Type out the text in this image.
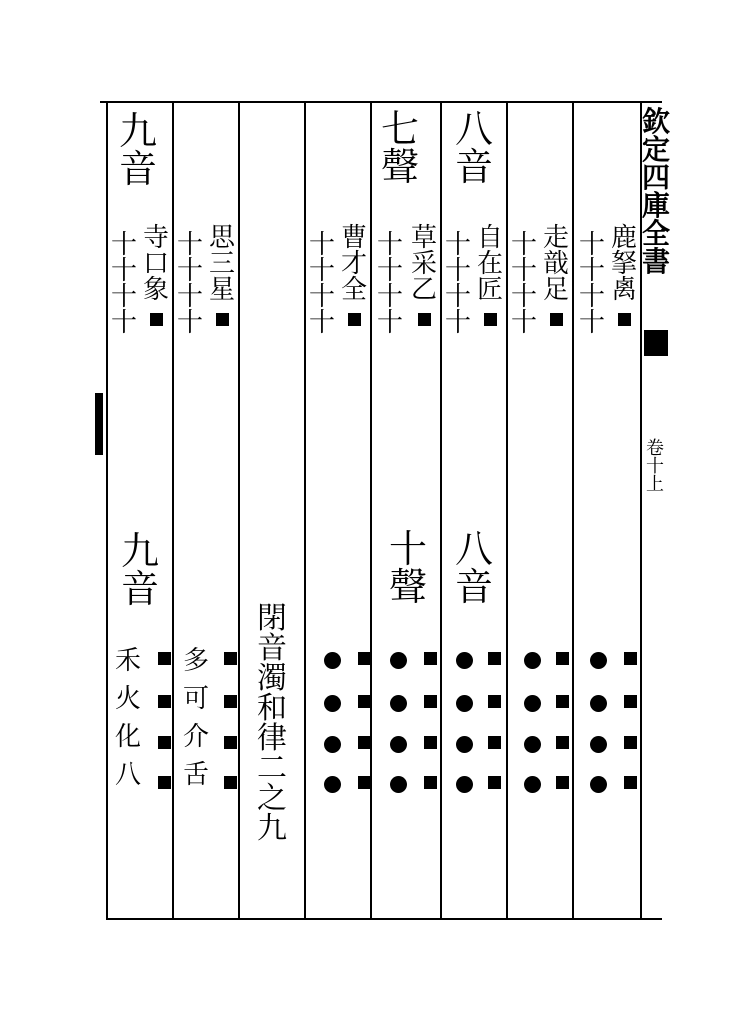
欽
定
四
庫
全
書
卷
十
上
鹿
拏
禼
十
十
十
十
走
戠
足
十
十
十
十
八
音
自
在
匠
十
十
十
十
七
聲
草
采
乙
十
十
十
十
曹
才
全
十
十
十
十
思
三
星
十
十
十
十
九
音
寺
口
象
十
十
十
十
八
音
十
聲
九
音
禾
火
化
八
多
可
介
舌
閉
音
濁
和
律
二
之
九
